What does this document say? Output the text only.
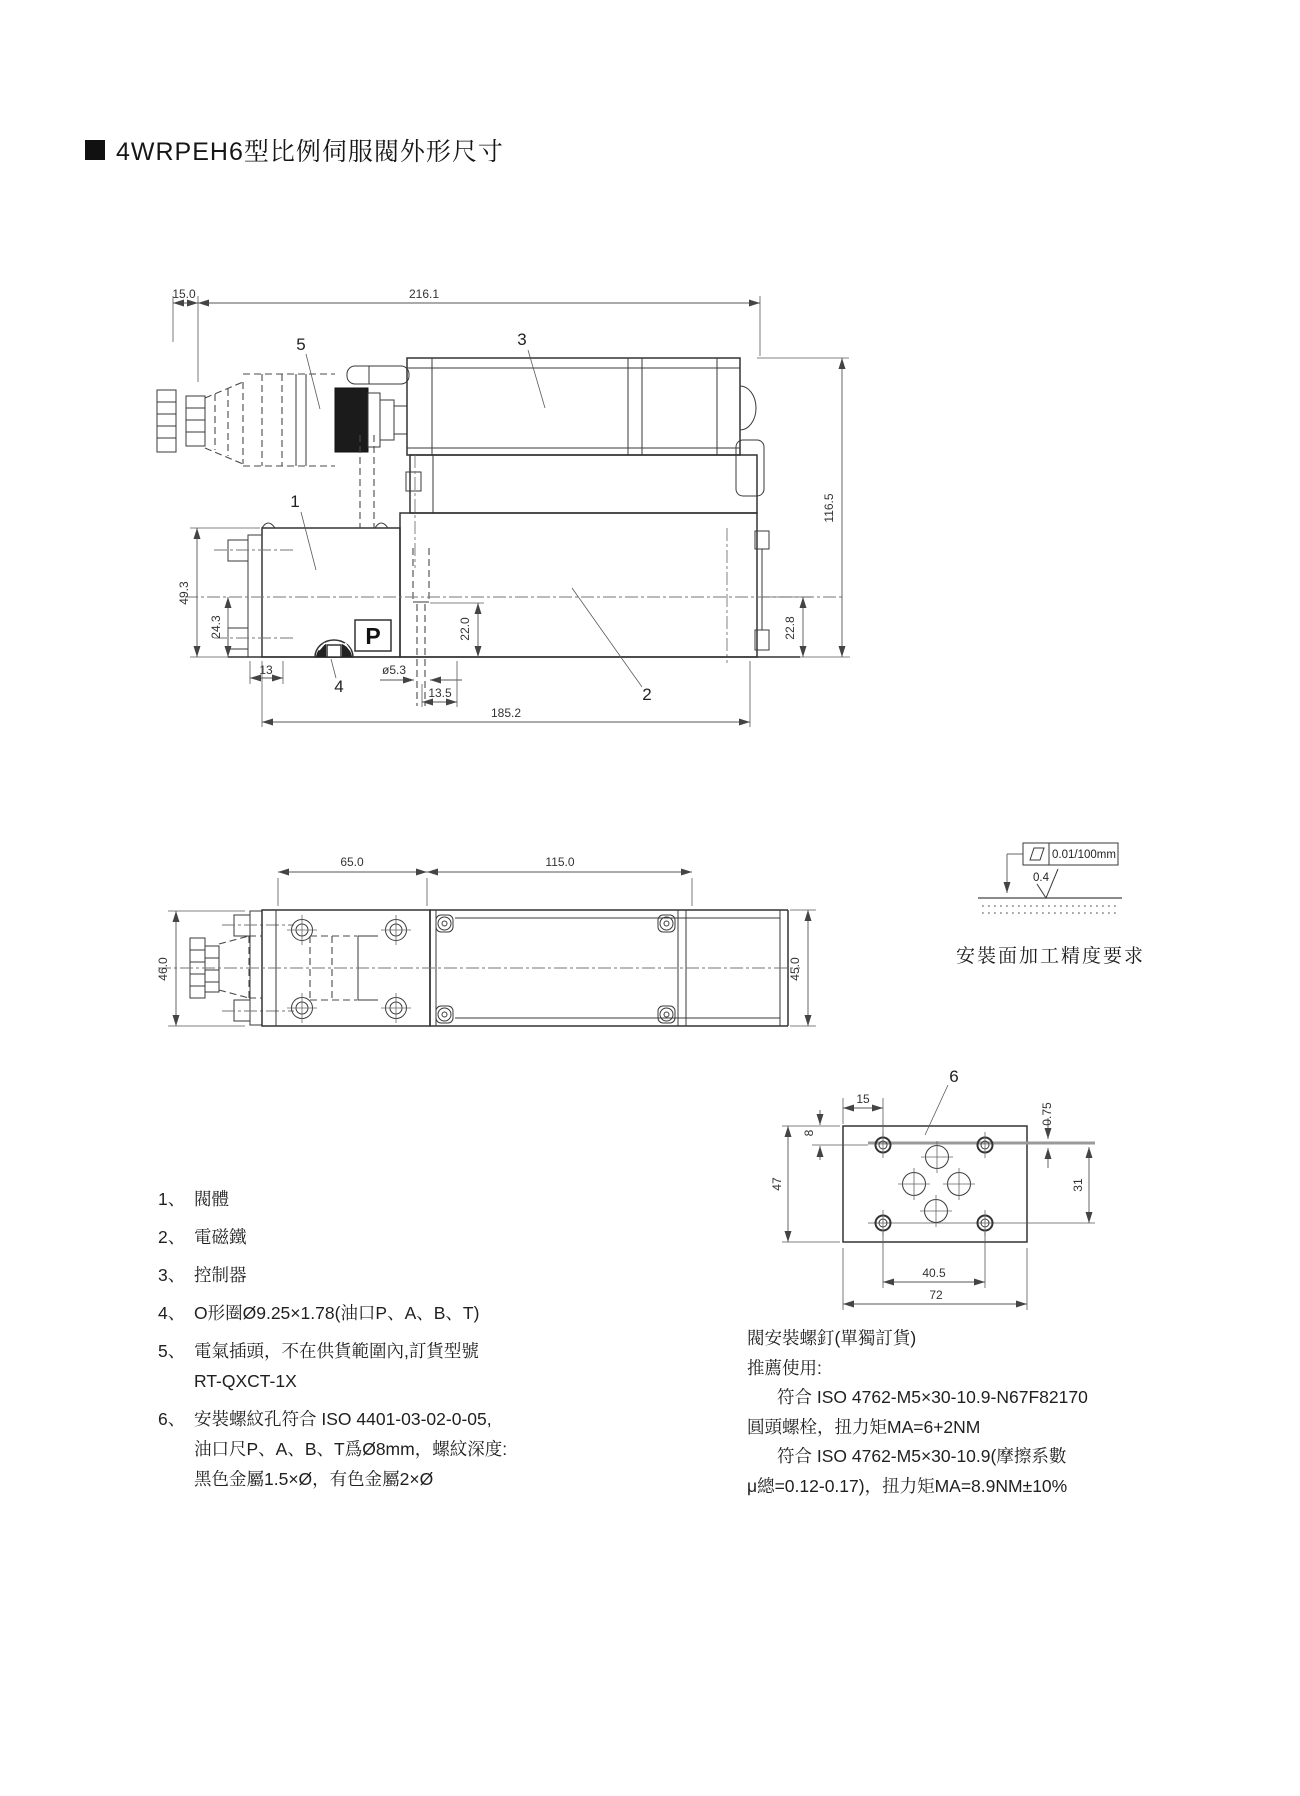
4WRPEH6型比例伺服閥外形尺寸
P
15.0	216.1
116.5
22.8
49.3
24.3	22.0
13	ø5.3
13.5
185.2
5	3
1
4	2
65.0	115.0
46.0	45.0
0.01/100mm
0.4
6
15
8
47
0.75
31
40.5
72
安裝面加工精度要求
1、 閥體
2、 電磁鐵
3、 控制器
4、 O形圈Ø9.25×1.78(油口P、A、B、T)
5、 電氣插頭，不在供貨範圍內,訂貨型號
RT-QXCT-1X
6、 安裝螺紋孔符合 ISO 4401-03-02-0-05,
油口尺P、A、B、T爲Ø8mm，螺紋深度:
黑色金屬1.5×Ø，有色金屬2×Ø
閥安裝螺釘(單獨訂貨)
推薦使用:
符合 ISO 4762-M5×30-10.9-N67F82170
圓頭螺栓，扭力矩MA=6+2NM
符合 ISO 4762-M5×30-10.9(摩擦系數
μ總=0.12-0.17)，扭力矩MA=8.9NM±10%
